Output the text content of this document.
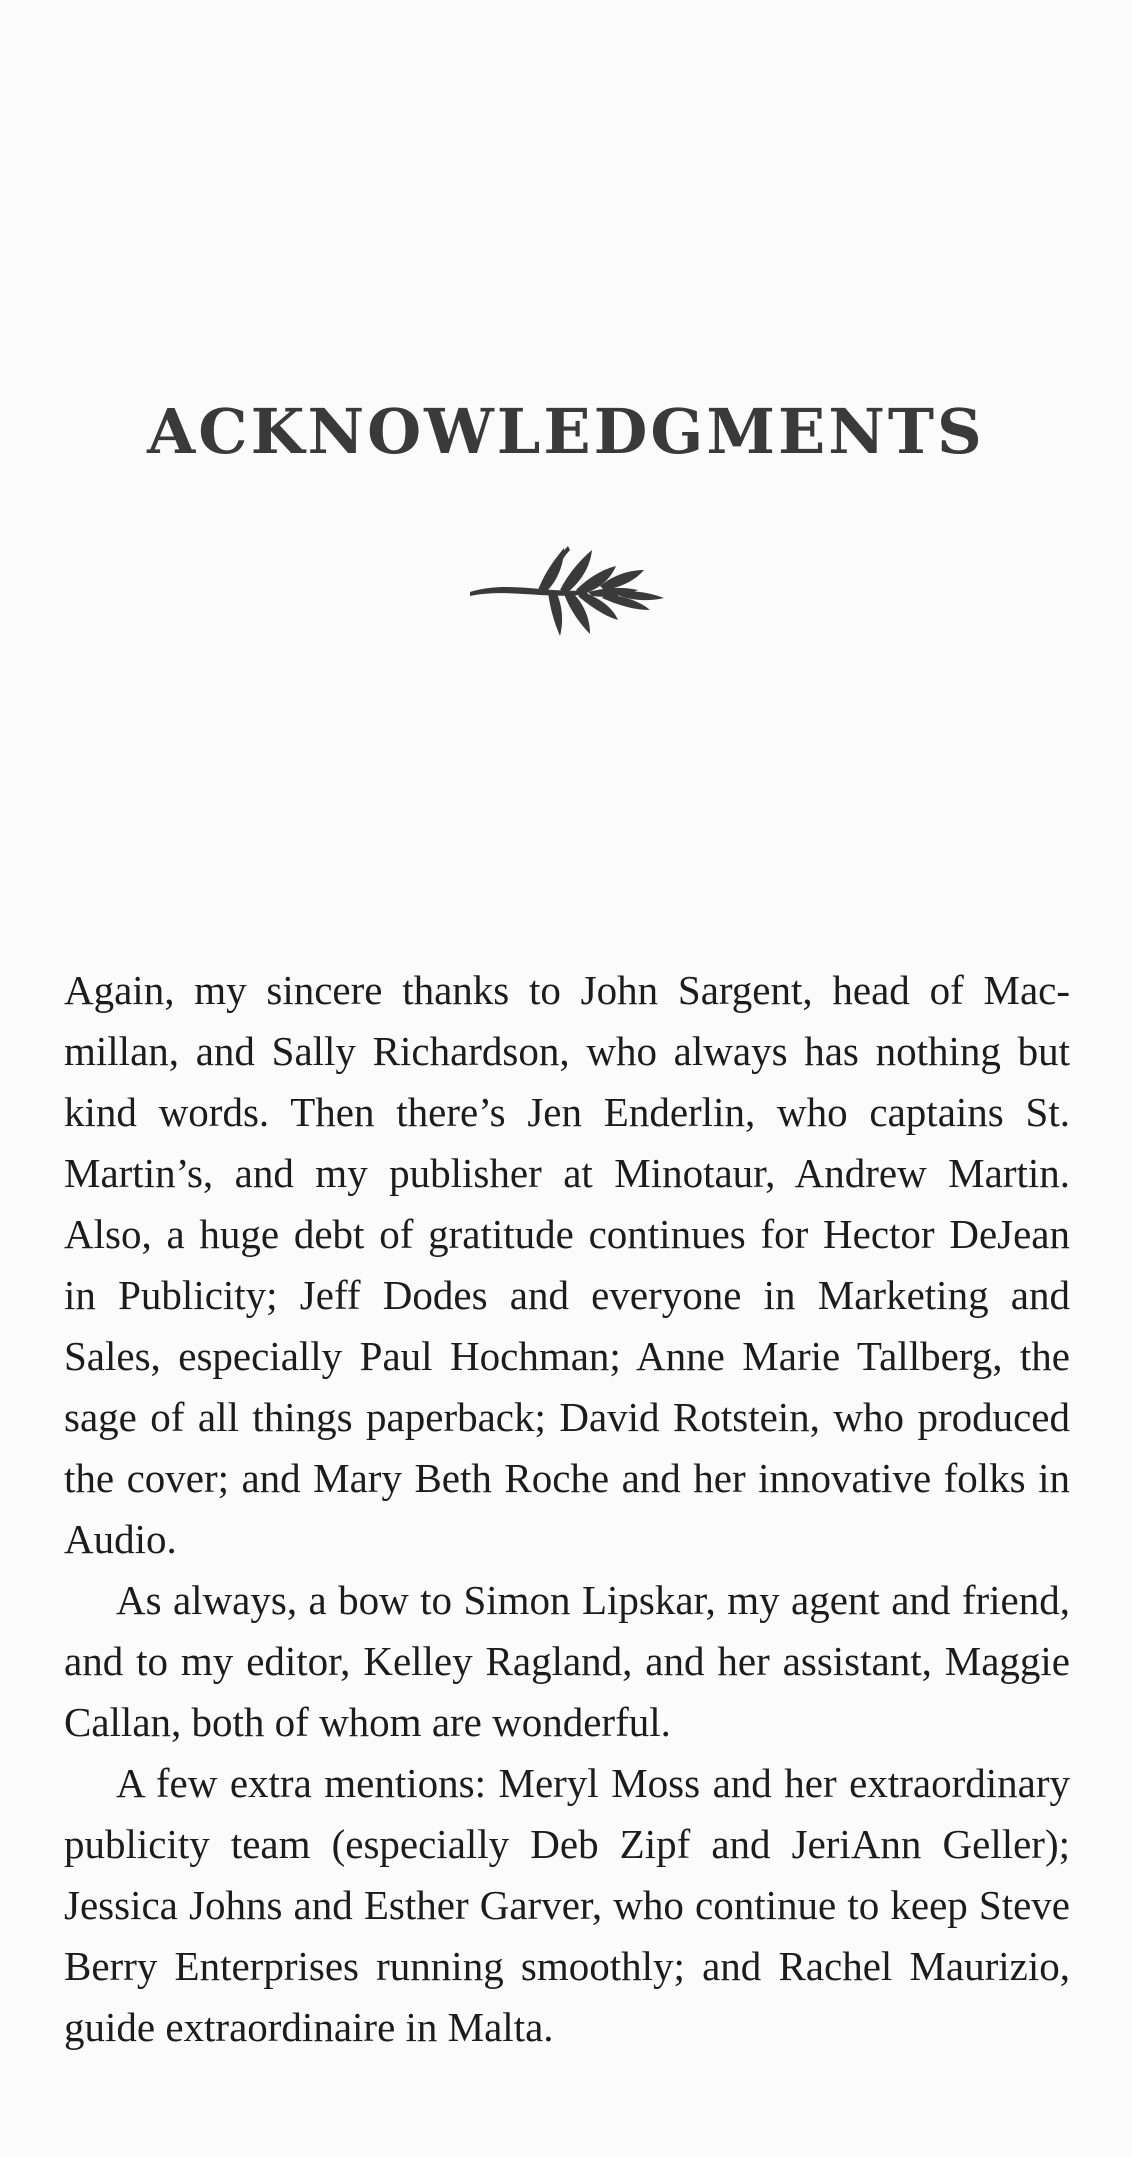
ACKNOWLEDGMENTS

Again, my sincere thanks to John Sargent, head of Macmillan, and Sally Richardson, who always has nothing but kind words. Then there’s Jen Enderlin, who captains St. Martin’s, and my publisher at Minotaur, Andrew Martin. Also, a huge debt of gratitude continues for Hector DeJean in Publicity; Jeff Dodes and everyone in Marketing and Sales, especially Paul Hochman; Anne Marie Tallberg, the sage of all things paperback; David Rotstein, who produced the cover; and Mary Beth Roche and her innovative folks in Audio.

As always, a bow to Simon Lipskar, my agent and friend, and to my editor, Kelley Ragland, and her assistant, Maggie Callan, both of whom are wonderful.

A few extra mentions: Meryl Moss and her extraordinary publicity team (especially Deb Zipf and JeriAnn Geller); Jessica Johns and Esther Garver, who continue to keep Steve Berry Enterprises running smoothly; and Rachel Maurizio, guide extraordinaire in Malta.
